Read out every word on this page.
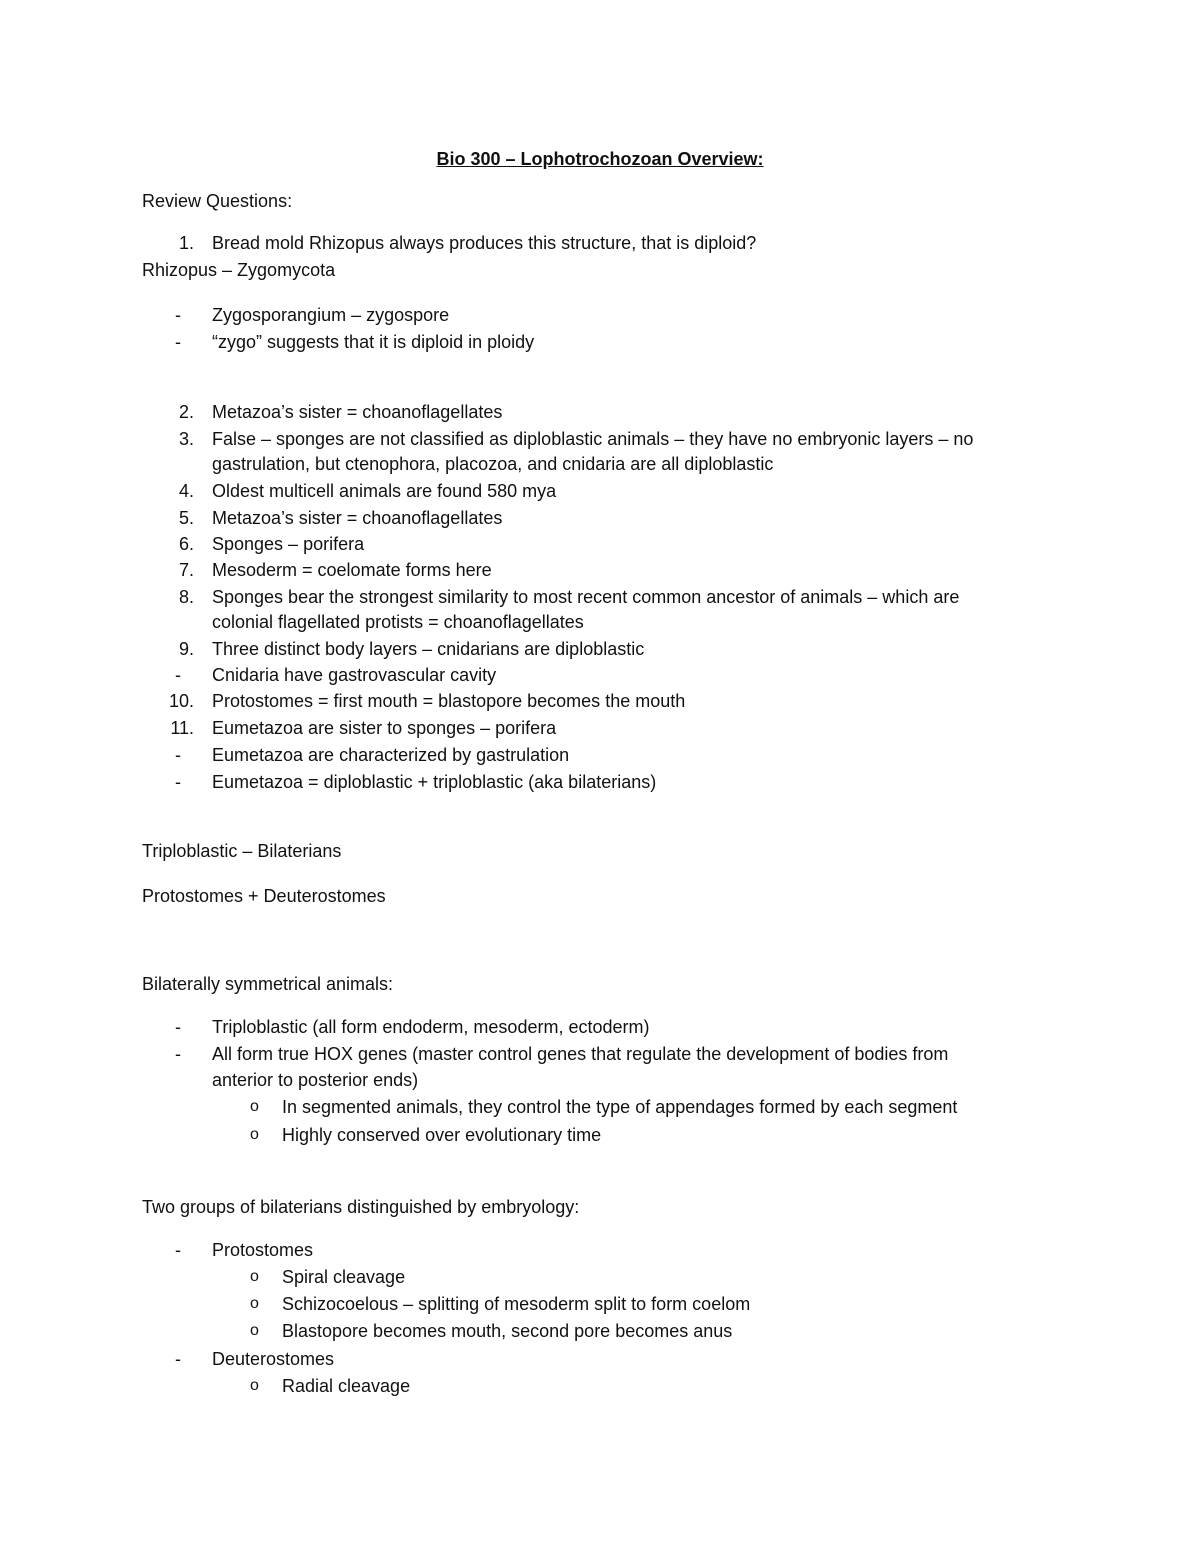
Bio 300 – Lophotrochozoan Overview:
Review Questions:
1. Bread mold Rhizopus always produces this structure, that is diploid?
Rhizopus – Zygomycota
- Zygosporangium – zygospore
- “zygo” suggests that it is diploid in ploidy
2. Metazoa’s sister = choanoflagellates
3. False – sponges are not classified as diploblastic animals – they have no embryonic layers – no
gastrulation, but ctenophora, placozoa, and cnidaria are all diploblastic
4. Oldest multicell animals are found 580 mya
5. Metazoa’s sister = choanoflagellates
6. Sponges – porifera
7. Mesoderm = coelomate forms here
8. Sponges bear the strongest similarity to most recent common ancestor of animals – which are
colonial flagellated protists = choanoflagellates
9. Three distinct body layers – cnidarians are diploblastic
- Cnidaria have gastrovascular cavity
10. Protostomes = first mouth = blastopore becomes the mouth
11. Eumetazoa are sister to sponges – porifera
- Eumetazoa are characterized by gastrulation
- Eumetazoa = diploblastic + triploblastic (aka bilaterians)
Triploblastic – Bilaterians
Protostomes + Deuterostomes
Bilaterally symmetrical animals:
- Triploblastic (all form endoderm, mesoderm, ectoderm)
- All form true HOX genes (master control genes that regulate the development of bodies from
anterior to posterior ends)
o In segmented animals, they control the type of appendages formed by each segment
o Highly conserved over evolutionary time
Two groups of bilaterians distinguished by embryology:
- Protostomes
o Spiral cleavage
o Schizocoelous – splitting of mesoderm split to form coelom
o Blastopore becomes mouth, second pore becomes anus
- Deuterostomes
o Radial cleavage
